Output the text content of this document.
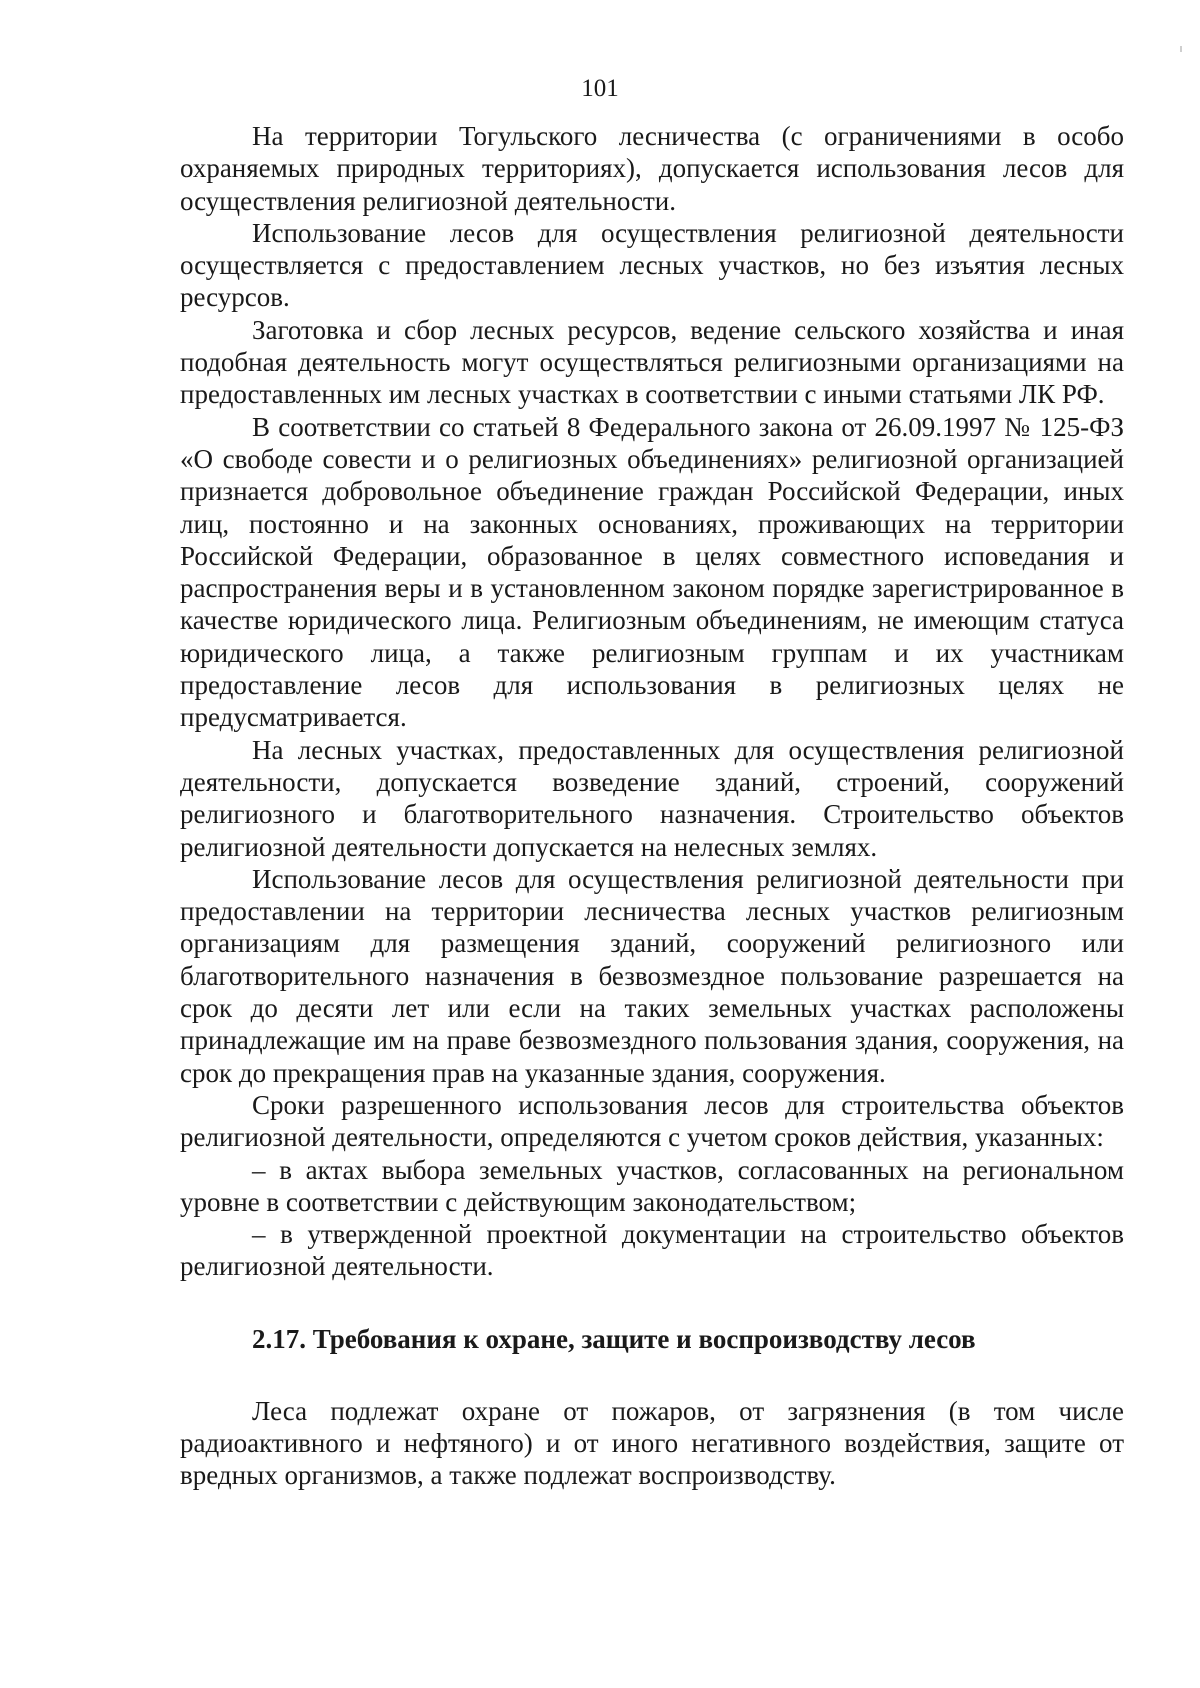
101

На территории Тогульского лесничества (с ограничениями в особо охраняемых природных территориях), допускается использования лесов для осуществления религиозной деятельности.

Использование лесов для осуществления религиозной деятельности осуществляется с предоставлением лесных участков, но без изъятия лесных ресурсов.

Заготовка и сбор лесных ресурсов, ведение сельского хозяйства и иная подобная деятельность могут осуществляться религиозными организациями на предоставленных им лесных участках в соответствии с иными статьями ЛК РФ.

В соответствии со статьей 8 Федерального закона от 26.09.1997 № 125-ФЗ «О свободе совести и о религиозных объединениях» религиозной организацией признается добровольное объединение граждан Российской Федерации, иных лиц, постоянно и на законных основаниях, проживающих на территории Российской Федерации, образованное в целях совместного исповедания и распространения веры и в установленном законом порядке зарегистрированное в качестве юридического лица. Религиозным объединениям, не имеющим статуса юридического лица, а также религиозным группам и их участникам предоставление лесов для использования в религиозных целях не предусматривается.

На лесных участках, предоставленных для осуществления религиозной деятельности, допускается возведение зданий, строений, сооружений религиозного и благотворительного назначения. Строительство объектов религиозной деятельности допускается на нелесных землях.

Использование лесов для осуществления религиозной деятельности при предоставлении на территории лесничества лесных участков религиозным организациям для размещения зданий, сооружений религиозного или благотворительного назначения в безвозмездное пользование разрешается на срок до десяти лет или если на таких земельных участках расположены принадлежащие им на праве безвозмездного пользования здания, сооружения, на срок до прекращения прав на указанные здания, сооружения.

Сроки разрешенного использования лесов для строительства объектов религиозной деятельности, определяются с учетом сроков действия, указанных:

– в актах выбора земельных участков, согласованных на региональном уровне в соответствии с действующим законодательством;

– в утвержденной проектной документации на строительство объектов религиозной деятельности.

2.17. Требования к охране, защите и воспроизводству лесов

Леса подлежат охране от пожаров, от загрязнения (в том числе радиоактивного и нефтяного) и от иного негативного воздействия, защите от вредных организмов, а также подлежат воспроизводству.
